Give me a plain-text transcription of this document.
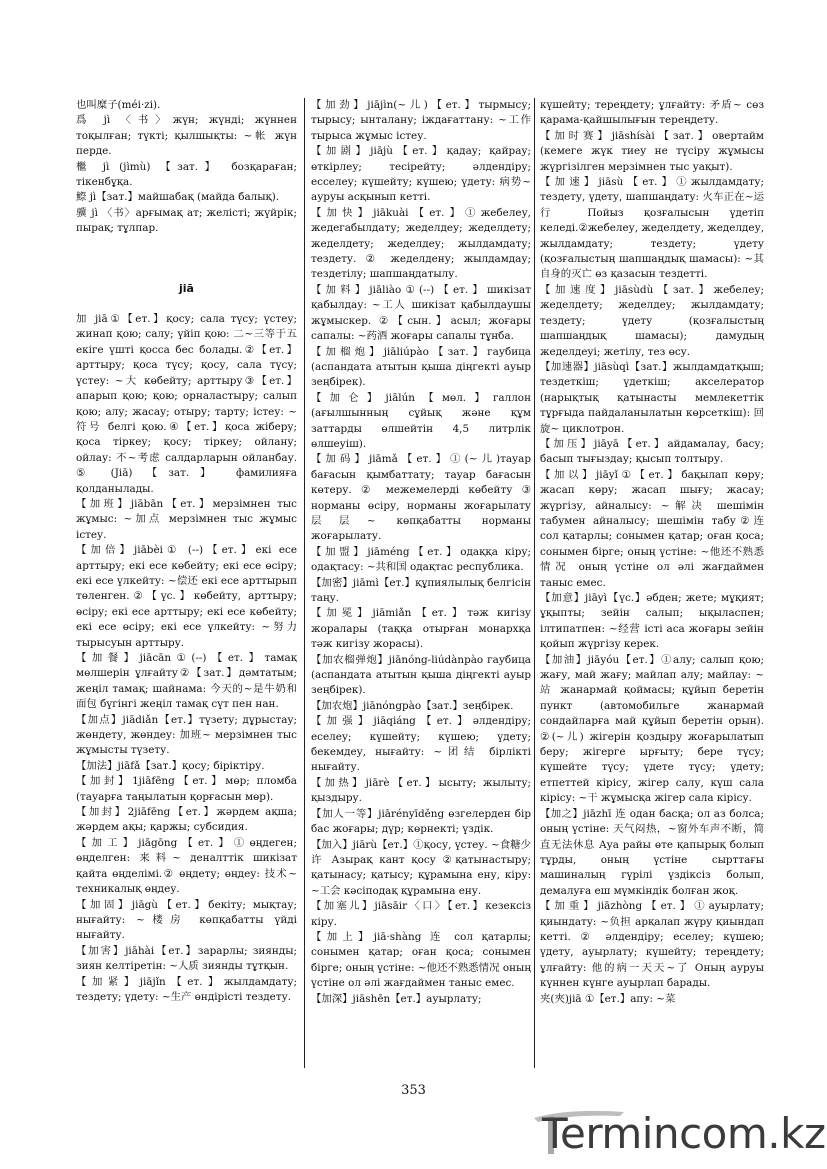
也叫糜子(méi·zi).

爲 jì 〈书〉жүн; жүнді; жүннен тоқылған; түкті; қылшықты: ~帐 жүн перде.

檵 jì (jìmù) 【зат.】 бозқараған; тікенбұқа.

鰶 jì【зат.】майшабақ (майда балық).

骥 jì 〈书〉арғымақ ат; желісті; жүйрік; пырақ; тұлпар.

jiā

加 jiā①【ет.】қосу; сала түсу; үстеу; жинап қою; салу; үйіп қою: 二~三等于五 екіге үшті қосса бес болады.②【ет.】арттыру; қоса түсу; қосу, сала түсу; үстеу: ~大 көбейту; арттыру③【ет.】апарып қою; қою; орналастыру; салып қою; алу; жасау; отыру; тарту; істеу: ~符号 белгі қою.④【ет.】қоса жіберу; қоса тіркеу; қосу; тіркеу; ойлану; ойлау: 不~考虑 салдарларын ойланбау. ⑤ (Jiā) 【зат.】 фамилияға қолданылады.

【加班】jiābān【ет.】мерзімнен тыс жұмыс: ~加点 мерзімнен тыс жұмыс істеу.

【加倍】jiābèi① (--)【ет.】екі есе арттыру; екі есе көбейту; екі есе өсіру; екі есе үлкейту: ~偿还 екі есе арттырып төленген.②【үс.】көбейту, арттыру; өсіру; екі есе арттыру; екі есе көбейту; екі есе өсіру; екі есе үлкейту: ~努力 тырысуын арттыру.

【加餐】jiācān①(--)【ет.】тамақ мөлшерін ұлғайту②【зат.】дәмтатым; жеңіл тамақ; шайнама: 今天的~是牛奶和面包 бүгінгі жеңіл тамақ сүт пен нан.

【加点】jiādiǎn【ет.】түзету; дұрыстау; жөндету, жөндеу: 加班~ мерзімнен тыс жұмысты түзету.

【加法】jiāfǎ【зат.】қосу; біріктіру.

【加封】1jiāfēng【ет.】мөр; пломба (тауарға таңылатын қорғасын мөр).

【加封】2jiāfēng【ет.】жәрдем ақша; жәрдем ақы; қаржы; субсидия.

【加工】jiāgōng【ет.】①өңдеген; өңделген: 来料~ деналттік шикізат қайта өңделімі.② өңдету; өңдеу: 技术~ техникалық өңдеу.

【加固】jiāgù【ет.】бекіту; мықтау; нығайту: ~楼房 көпқабатты үйді нығайту.

【加害】jiāhài【ет.】зарарлы; зиянды; зиян келтіретін: ~人质 зиянды тұтқын.

【加紧】jiājǐn【ет.】жылдамдату; тездету; үдету: ~生产 өндірісті тездету.

【加劲】jiājìn(~儿)【ет.】тырмысу; тырысу; ынталану; іждағаттану: ~工作 тырыса жұмыс істеу.

【加剧】jiājù【ет.】қадау; қайрау; өткірлеу; тесірейту; әлдендіру; есселеу; күшейту; күшею; үдету: 病势~ ауруы асқынып кетті.

【加快】jiākuài【ет.】①жебелеу, жедегабылдату; жеделдеу; жеделдету; жеделдету; жеделдеу; жылдамдату; тездету. ② жеделдену; жылдамдау; тездетілу; шапшаңдатылу.

【加料】jiāliào①(--)【ет.】шикізат қабылдау: ~工人 шикізат қабылдаушы жұмыскер. ②【сын.】асыл; жоғары сапалы: ~药酒 жоғары сапалы тұнба.

【加榴炮】jiāliúpào【зат.】гаубица (аспандата атытын қыша дiңгектi ауыр зеңбірек).

【加仑】jiālún【мөл.】галлон (ағылшынның сұйық және құм заттарды өлшейтін 4,5 литрлік өлшеуіш).

【加码】jiāmǎ【ет.】①(~儿)тауар бағасын қымбаттату; тауар бағасын көтеру. ② межемелерді көбейту ③ норманы өсіру, норманы жоғарылату 层层~ көпқабатты норманы жоғарылату.

【加盟】jiāméng【ет.】одаққа кіру; одақтасу: ~共和国 одақтас республика.

【加密】jiāmì【ет.】құпиялылық белгісін таңу.

【加冕】jiāmiǎn【ет.】тәж кигізу жоралары (таққа отырған монархқа тәж кигізу жорасы).

【加农榴弹炮】jiānóng-liúdànpào гаубица (аспандата атытын қыша дiңгектi ауыр зеңбірек).

【加农炮】jiānóngpào【зат.】зеңбірек.

【加强】jiāqiáng【ет.】әлдендіру; еселеу; күшейту; күшею; үдету; бекемдеу, нығайту: ~团结 бірлікті нығайту.

【加热】jiārè【ет.】ысыту; жылыту; қыздыру.

【加人一等】jiārényīděng өзгелерден бір бас жоғары; дүр; көрнекті; үздік.

【加入】jiārù【ет.】①қосу, үстеу. ~食糖少许 Азырақ кант қосу ②қатынастыру; қатынасу; қатысу; құрамына ену, кіру: ~工会 кәсіподақ құрамына ену.

【加塞儿】jiāsāir〈口〉【ет.】кезексіз кіру.

【加上】jiā·shàng 连 сол қатарлы; сонымен қатар; оған қоса; сонымен бірге; оның үстіне: ~他还不熟悉情况 оның үстіне ол әлі жағдаймен таныс емес.

【加深】jiāshēn【ет.】ауырлату;

күшейту; тереңдету; ұлғайту: 矛盾~ сөз қарама-қайшылығын тереңдету.

【加时赛】jiāshísài【зат.】овертайм (кемеге жүк тиеу не түсіру жұмысы жүргізілген мерзімнен тыс уақыт).

【加速】jiāsù【ет.】①жылдамдату; тездету, үдету, шапшаңдату: 火车正在~运行 Пойыз қозғалысын үдетіп келеді.②жебелеу, жеделдету, жеделдеу, жылдамдату; тездету; үдету (қозғалыстың шапшаңдық шамасы): ~其自身的灭亡 өз қазасын тездетті.

【加速度】jiāsùdù【зат.】жебелеу; жеделдету; жеделдеу; жылдамдату; тездету; үдету (қозғалыстың шапшаңдық шамасы); дамудың жеделдеуі; жетілу, тез өсу.

【加速器】jiāsùqì【зат.】жылдамдатқыш; тездеткіш; үдеткіш; акселератор (нарықтық қатынасты мемлекеттік тұрғыда пайдаланылатын көрсеткіш): 回旋~ циклотрон.

【加压】jiāyā【ет.】айдамалау, басу; басып тығыздау; қысып толтыру.

【加以】jiāyǐ①【ет.】бақылап көру; жасап көру; жасап шығу; жасау; жүргізу, айналысу: ~解决 шешімін табумен айналысу; шешімін табу②连 сол қатарлы; сонымен қатар; оған қоса; сонымен бірге; оның үстіне: ~他还不熟悉情况 оның үстіне ол әлі жағдаймен таныс емес.

【加意】jiāyì【үс.】әбден; жете; мұқият; ұқыпты; зейін салып; ықыласпен; ілтипатпен: ~经营 істі аса жоғары зейін қойып жүргізу керек.

【加油】jiāyóu【ет.】①алу; салып қою; жағу, май жағу; майлап алу; майлау: ~站 жанармай қоймасы; құйып беретін пункт (автомобильге жанармай сондайларға май құйып беретін орын). ②(~儿) жігерін қоздыру жоғарылатып беру; жігерге ырғыту; бере түсу; күшейте түсу; үдете түсу; үдету; етпеттей кірісу, жігер салу, күш сала кірісу: ~干 жұмысқа жігер сала кірісу.

【加之】jiāzhī 连 одан басқа; ол аз болса; оның үстіне: 天气闷热，~窗外车声不断，简直无法休息 Ауа райы өте қапырық болып тұрды, оның үстіне сырттағы машиналың гүрілі үздіксіз болып, демалуға еш мүмкіндік болған жоқ.

【加重】jiāzhòng【ет.】①ауырлату; қиындату: ~负担 арқалап жүру қиындап кетті. ② әлдендіру; еселеу; күшею; үдету, ауырлату; күшейту; тереңдету; ұлғайту: 他的病一天天~了 Оның ауруы күннен күнге ауырлап барады.

夹(夾)jiā ①【ет.】апу: ~菜

353
Termincom.kz
